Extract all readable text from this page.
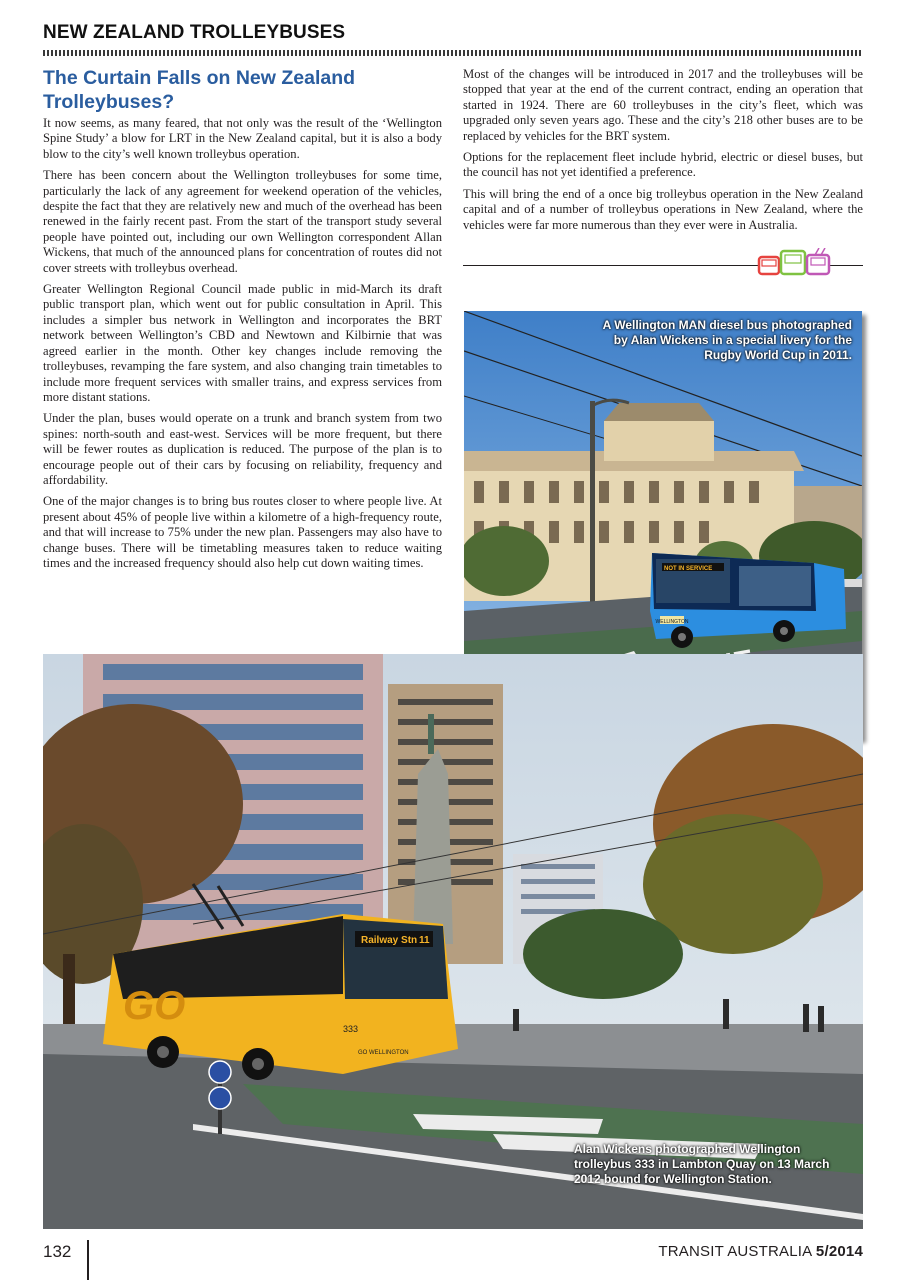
NEW ZEALAND TROLLEYBUSES
The Curtain Falls on New Zealand Trolleybuses?

It now seems, as many feared, that not only was the result of the ‘Wellington Spine Study’ a blow for LRT in the New Zealand capital, but it is also a body blow to the city’s well known trolleybus operation.

There has been concern about the Wellington trolleybuses for some time, particularly the lack of any agreement for weekend operation of the vehicles, despite the fact that they are relatively new and much of the overhead has been renewed in the fairly recent past. From the start of the transport study several people have pointed out, including our own Wellington correspondent Allan Wickens, that much of the announced plans for concentration of routes did not cover streets with trolleybus overhead.

Greater Wellington Regional Council made public in mid-March its draft public transport plan, which went out for public consultation in April. This includes a simpler bus network in Wellington and incorporates the BRT network between Wellington’s CBD and Newtown and Kilbirnie that was agreed earlier in the month. Other key changes include removing the trolleybuses, revamping the fare system, and also changing train timetables to include more frequent services with smaller trains, and express services from more distant stations.

Under the plan, buses would operate on a trunk and branch system from two spines: north-south and east-west. Services will be more frequent, but there will be fewer routes as duplication is reduced. The purpose of the plan is to encourage people out of their cars by focusing on reliability, frequency and affordability.

One of the major changes is to bring bus routes closer to where people live. At present about 45% of people live within a kilometre of a high-frequency route, and that will increase to 75% under the new plan. Passengers may also have to change buses. There will be timetabling measures taken to reduce waiting times and the increased frequency should also help cut down waiting times.

Most of the changes will be introduced in 2017 and the trolleybuses will be stopped that year at the end of the current contract, ending an operation that started in 1924. There are 60 trolleybuses in the city’s fleet, which was upgraded only seven years ago. These and the city’s 218 other buses are to be replaced by vehicles for the BRT system.

Options for the replacement fleet include hybrid, electric or diesel buses, but the council has not yet identified a preference.

This will bring the end of a once big trolleybus operation in the New Zealand capital and of a number of trolleybus operations in New Zealand, where the vehicles were far more numerous than they ever were in Australia.

NOT IN SERVICE
WELLINGTON
A Wellington MAN diesel bus photographed by Alan Wickens in a special livery for the Rugby World Cup in 2011.
Railway Stn 11
GO
333
GO WELLINGTON
Alan Wickens photographed Wellington trolleybus 333 in Lambton Quay on 13 March 2012 bound for Wellington Station.
132	TRANSIT AUSTRALIA 5/2014
